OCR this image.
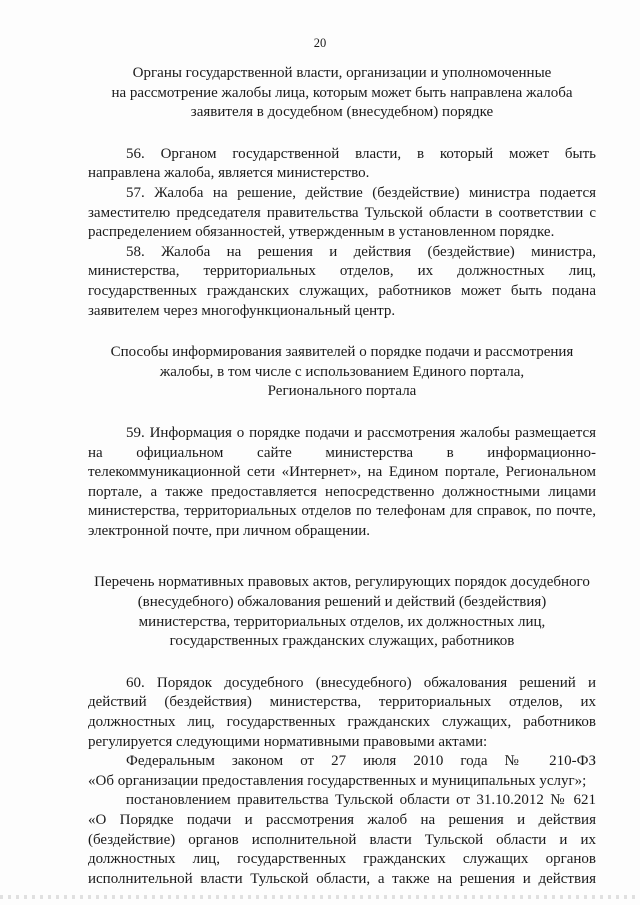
20
Органы государственной власти, организации и уполномоченные
на рассмотрение жалобы лица, которым может быть направлена жалоба
заявителя в досудебном (внесудебном) порядке
56. Органом государственной власти, в который может быть
направлена жалоба, является министерство.
57. Жалоба на решение, действие (бездействие) министра подается
заместителю председателя правительства Тульской области в соответствии с
распределением обязанностей, утвержденным в установленном порядке.
58. Жалоба на решения и действия (бездействие) министра,
министерства, территориальных отделов, их должностных лиц,
государственных гражданских служащих, работников может быть подана
заявителем через многофункциональный центр.
Способы информирования заявителей о порядке подачи и рассмотрения
жалобы, в том числе с использованием Единого портала,
Регионального портала
59. Информация о порядке подачи и рассмотрения жалобы размещается
на официальном сайте министерства в информационно-
телекоммуникационной сети «Интернет», на Едином портале, Региональном
портале, а также предоставляется непосредственно должностными лицами
министерства, территориальных отделов по телефонам для справок, по почте,
электронной почте, при личном обращении.
Перечень нормативных правовых актов, регулирующих порядок досудебного
(внесудебного) обжалования решений и действий (бездействия)
министерства, территориальных отделов, их должностных лиц,
государственных гражданских служащих, работников
60. Порядок досудебного (внесудебного) обжалования решений и
действий (бездействия) министерства, территориальных отделов, их
должностных лиц, государственных гражданских служащих, работников
регулируется следующими нормативными правовыми актами:
Федеральным законом от 27 июля 2010 года № 210-ФЗ
«Об организации предоставления государственных и муниципальных услуг»;
постановлением правительства Тульской области от 31.10.2012 № 621
«О Порядке подачи и рассмотрения жалоб на решения и действия
(бездействие) органов исполнительной власти Тульской области и их
должностных лиц, государственных гражданских служащих органов
исполнительной власти Тульской области, а также на решения и действия
